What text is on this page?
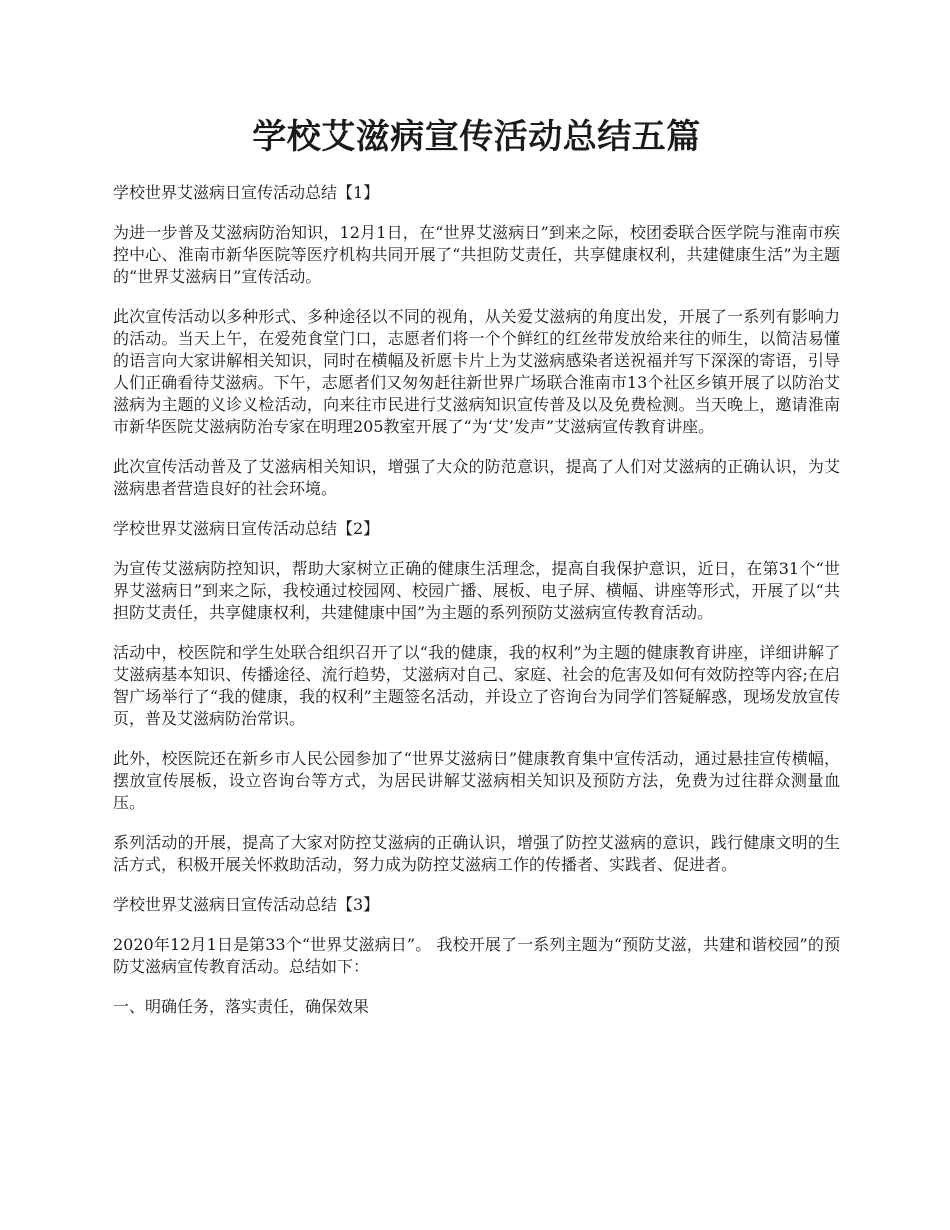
学校艾滋病宣传活动总结五篇

学校世界艾滋病日宣传活动总结【1】

为进一步普及艾滋病防治知识，12月1日，在“世界艾滋病日”到来之际，校团委联合医学院与淮南市疾控中心、淮南市新华医院等医疗机构共同开展了“共担防艾责任，共享健康权利，共建健康生活”为主题的“世界艾滋病日”宣传活动。

此次宣传活动以多种形式、多种途径以不同的视角，从关爱艾滋病的角度出发，开展了一系列有影响力的活动。当天上午，在爱苑食堂门口，志愿者们将一个个鲜红的红丝带发放给来往的师生，以简洁易懂的语言向大家讲解相关知识，同时在横幅及祈愿卡片上为艾滋病感染者送祝福并写下深深的寄语，引导人们正确看待艾滋病。下午，志愿者们又匆匆赶往新世界广场联合淮南市13个社区乡镇开展了以防治艾滋病为主题的义诊义检活动，向来往市民进行艾滋病知识宣传普及以及免费检测。当天晚上，邀请淮南市新华医院艾滋病防治专家在明理205教室开展了“为‘艾’发声”艾滋病宣传教育讲座。

此次宣传活动普及了艾滋病相关知识，增强了大众的防范意识，提高了人们对艾滋病的正确认识，为艾滋病患者营造良好的社会环境。

学校世界艾滋病日宣传活动总结【2】

为宣传艾滋病防控知识，帮助大家树立正确的健康生活理念，提高自我保护意识，近日，在第31个“世界艾滋病日”到来之际，我校通过校园网、校园广播、展板、电子屏、横幅、讲座等形式，开展了以“共担防艾责任，共享健康权利，共建健康中国”为主题的系列预防艾滋病宣传教育活动。

活动中，校医院和学生处联合组织召开了以“我的健康，我的权利”为主题的健康教育讲座，详细讲解了艾滋病基本知识、传播途径、流行趋势，艾滋病对自己、家庭、社会的危害及如何有效防控等内容;在启智广场举行了“我的健康，我的权利”主题签名活动，并设立了咨询台为同学们答疑解惑，现场发放宣传页，普及艾滋病防治常识。

此外，校医院还在新乡市人民公园参加了“世界艾滋病日”健康教育集中宣传活动，通过悬挂宣传横幅，摆放宣传展板，设立咨询台等方式，为居民讲解艾滋病相关知识及预防方法，免费为过往群众测量血压。

系列活动的开展，提高了大家对防控艾滋病的正确认识，增强了防控艾滋病的意识，践行健康文明的生活方式，积极开展关怀救助活动，努力成为防控艾滋病工作的传播者、实践者、促进者。

学校世界艾滋病日宣传活动总结【3】

2020年12月1日是第33个“世界艾滋病日”。 我校开展了一系列主题为“预防艾滋，共建和谐校园”的预防艾滋病宣传教育活动。总结如下：

一、明确任务，落实责任，确保效果
